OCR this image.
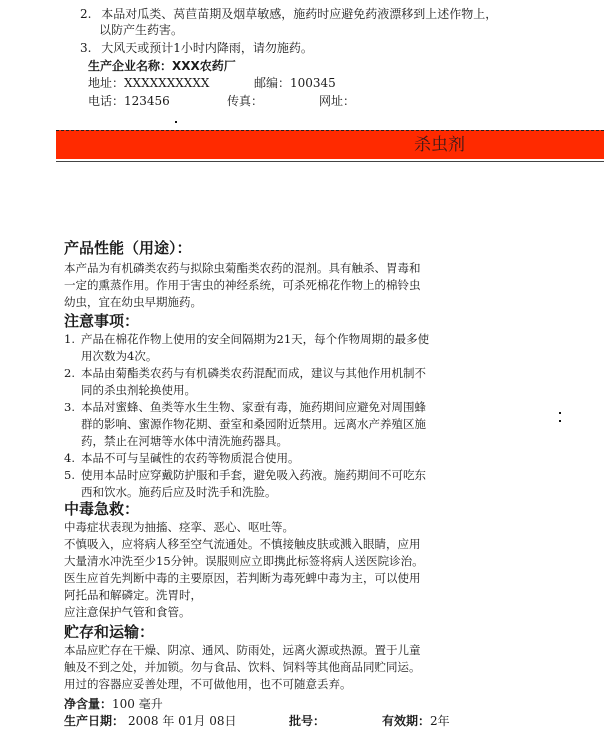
2. 本品对瓜类、莴苣苗期及烟草敏感，施药时应避免药液漂移到上述作物上，
以防产生药害。
3. 大风天或预计1小时内降雨，请勿施药。
生产企业名称：XXX农药厂
地址：XXXXXXXXXX	邮编：100345
电话：123456	传真：	网址：
杀虫剂
产品性能（用途）：
本产品为有机磷类农药与拟除虫菊酯类农药的混剂。具有触杀、胃毒和
一定的熏蒸作用。作用于害虫的神经系统，可杀死棉花作物上的棉铃虫
幼虫，宜在幼虫早期施药。
注意事项：
1. 产品在棉花作物上使用的安全间隔期为21天，每个作物周期的最多使
用次数为4次。
2. 本品由菊酯类农药与有机磷类农药混配而成，建议与其他作用机制不
同的杀虫剂轮换使用。
3. 本品对蜜蜂、鱼类等水生生物、家蚕有毒，施药期间应避免对周围蜂
群的影响、蜜源作物花期、蚕室和桑园附近禁用。远离水产养殖区施
药，禁止在河塘等水体中清洗施药器具。
4. 本品不可与呈碱性的农药等物质混合使用。
5. 使用本品时应穿戴防护服和手套，避免吸入药液。施药期间不可吃东
西和饮水。施药后应及时洗手和洗脸。
中毒急救：
中毒症状表现为抽搐、痉挛、恶心、呕吐等。
不慎吸入，应将病人移至空气流通处。不慎接触皮肤或溅入眼睛，应用
大量清水冲洗至少15分钟。误服则应立即携此标签将病人送医院诊治。
医生应首先判断中毒的主要原因，若判断为毒死蜱中毒为主，可以使用
阿托品和解磷定。洗胃时，
应注意保护气管和食管。
贮存和运输：
本品应贮存在干燥、阴凉、通风、防雨处，远离火源或热源。置于儿童
触及不到之处，并加锁。勿与食品、饮料、饲料等其他商品同贮同运。
用过的容器应妥善处理，不可做他用，也不可随意丢弃。
净含量：100 毫升
生产日期： 2008 年 01月 08日	批号：	有效期：2年
